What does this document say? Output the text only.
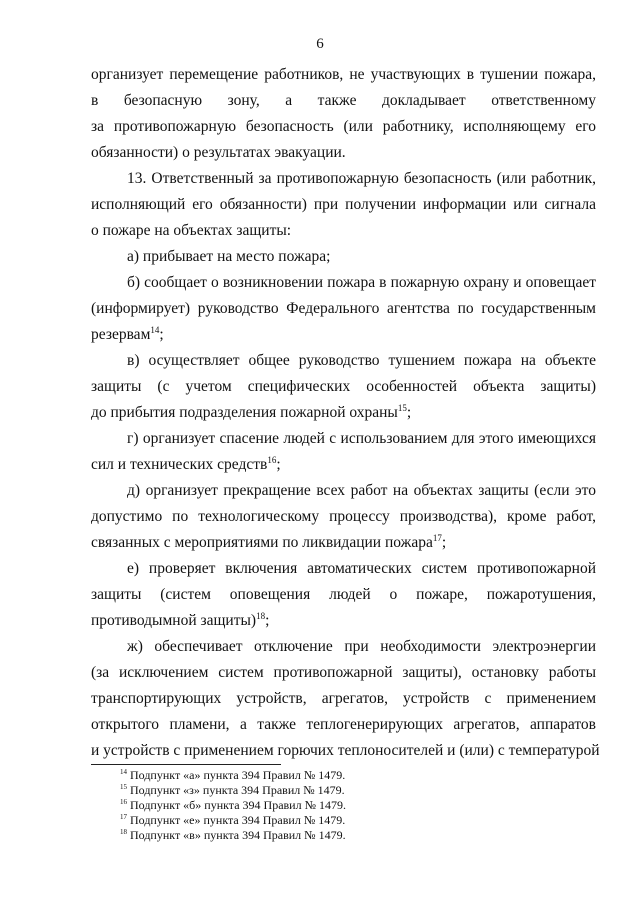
6

организует перемещение работников, не участвующих в тушении пожара,
в безопасную зону, а также докладывает ответственному
за противопожарную безопасность (или работнику, исполняющему его
обязанности) о результатах эвакуации.

13. Ответственный за противопожарную безопасность (или работник,
исполняющий его обязанности) при получении информации или сигнала
о пожаре на объектах защиты:

а) прибывает на место пожара;

б) сообщает о возникновении пожара в пожарную охрану и оповещает
(информирует) руководство Федерального агентства по государственным
резервам$^{14}$;

в) осуществляет общее руководство тушением пожара на объекте
защиты (с учетом специфических особенностей объекта защиты)
до прибытия подразделения пожарной охраны$^{15}$;

г) организует спасение людей с использованием для этого имеющихся
сил и технических средств$^{16}$;

д) организует прекращение всех работ на объектах защиты (если это
допустимо по технологическому процессу производства), кроме работ,
связанных с мероприятиями по ликвидации пожара$^{17}$;

е) проверяет включения автоматических систем противопожарной
защиты (систем оповещения людей о пожаре, пожаротушения,
противодымной защиты)$^{18}$;

ж) обеспечивает отключение при необходимости электроэнергии
(за исключением систем противопожарной защиты), остановку работы
транспортирующих устройств, агрегатов, устройств с применением
открытого пламени, а также теплогенерирующих агрегатов, аппаратов
и устройств с применением горючих теплоносителей и (или) с температурой

$^{14}$ Подпункт «а» пункта 394 Правил № 1479.
$^{15}$ Подпункт «з» пункта 394 Правил № 1479.
$^{16}$ Подпункт «б» пункта 394 Правил № 1479.
$^{17}$ Подпункт «е» пункта 394 Правил № 1479.
$^{18}$ Подпункт «в» пункта 394 Правил № 1479.
